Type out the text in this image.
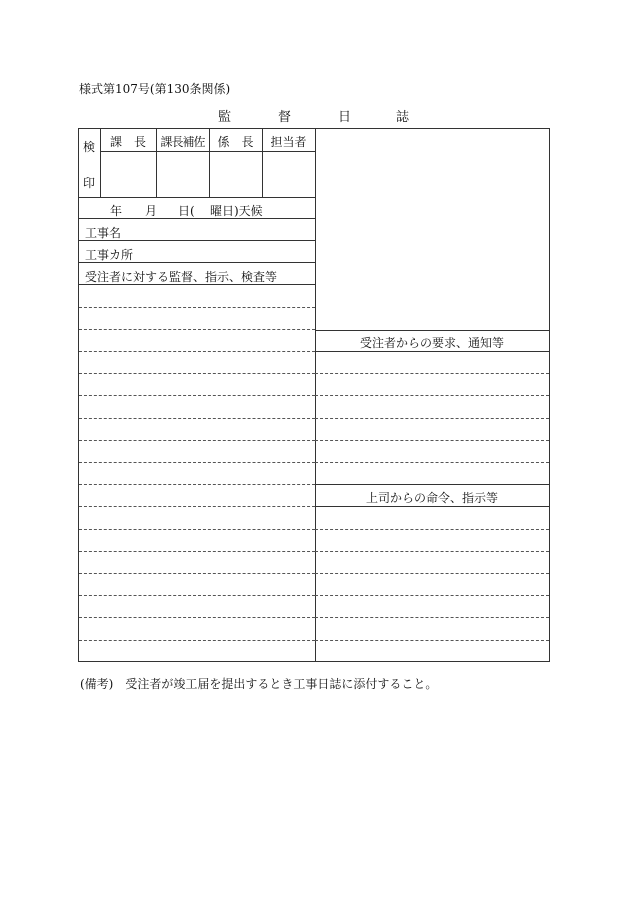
様式第107号(第130条関係)
監	督	日	誌
検
印
課　長	課長補佐	係　長	担当者
年 月 日( 曜日)天候
工事名
工事カ所
受注者に対する監督、指示、検査等
受注者からの要求、通知等
上司からの命令、指示等
(備考)　受注者が竣工届を提出するとき工事日誌に添付すること。
